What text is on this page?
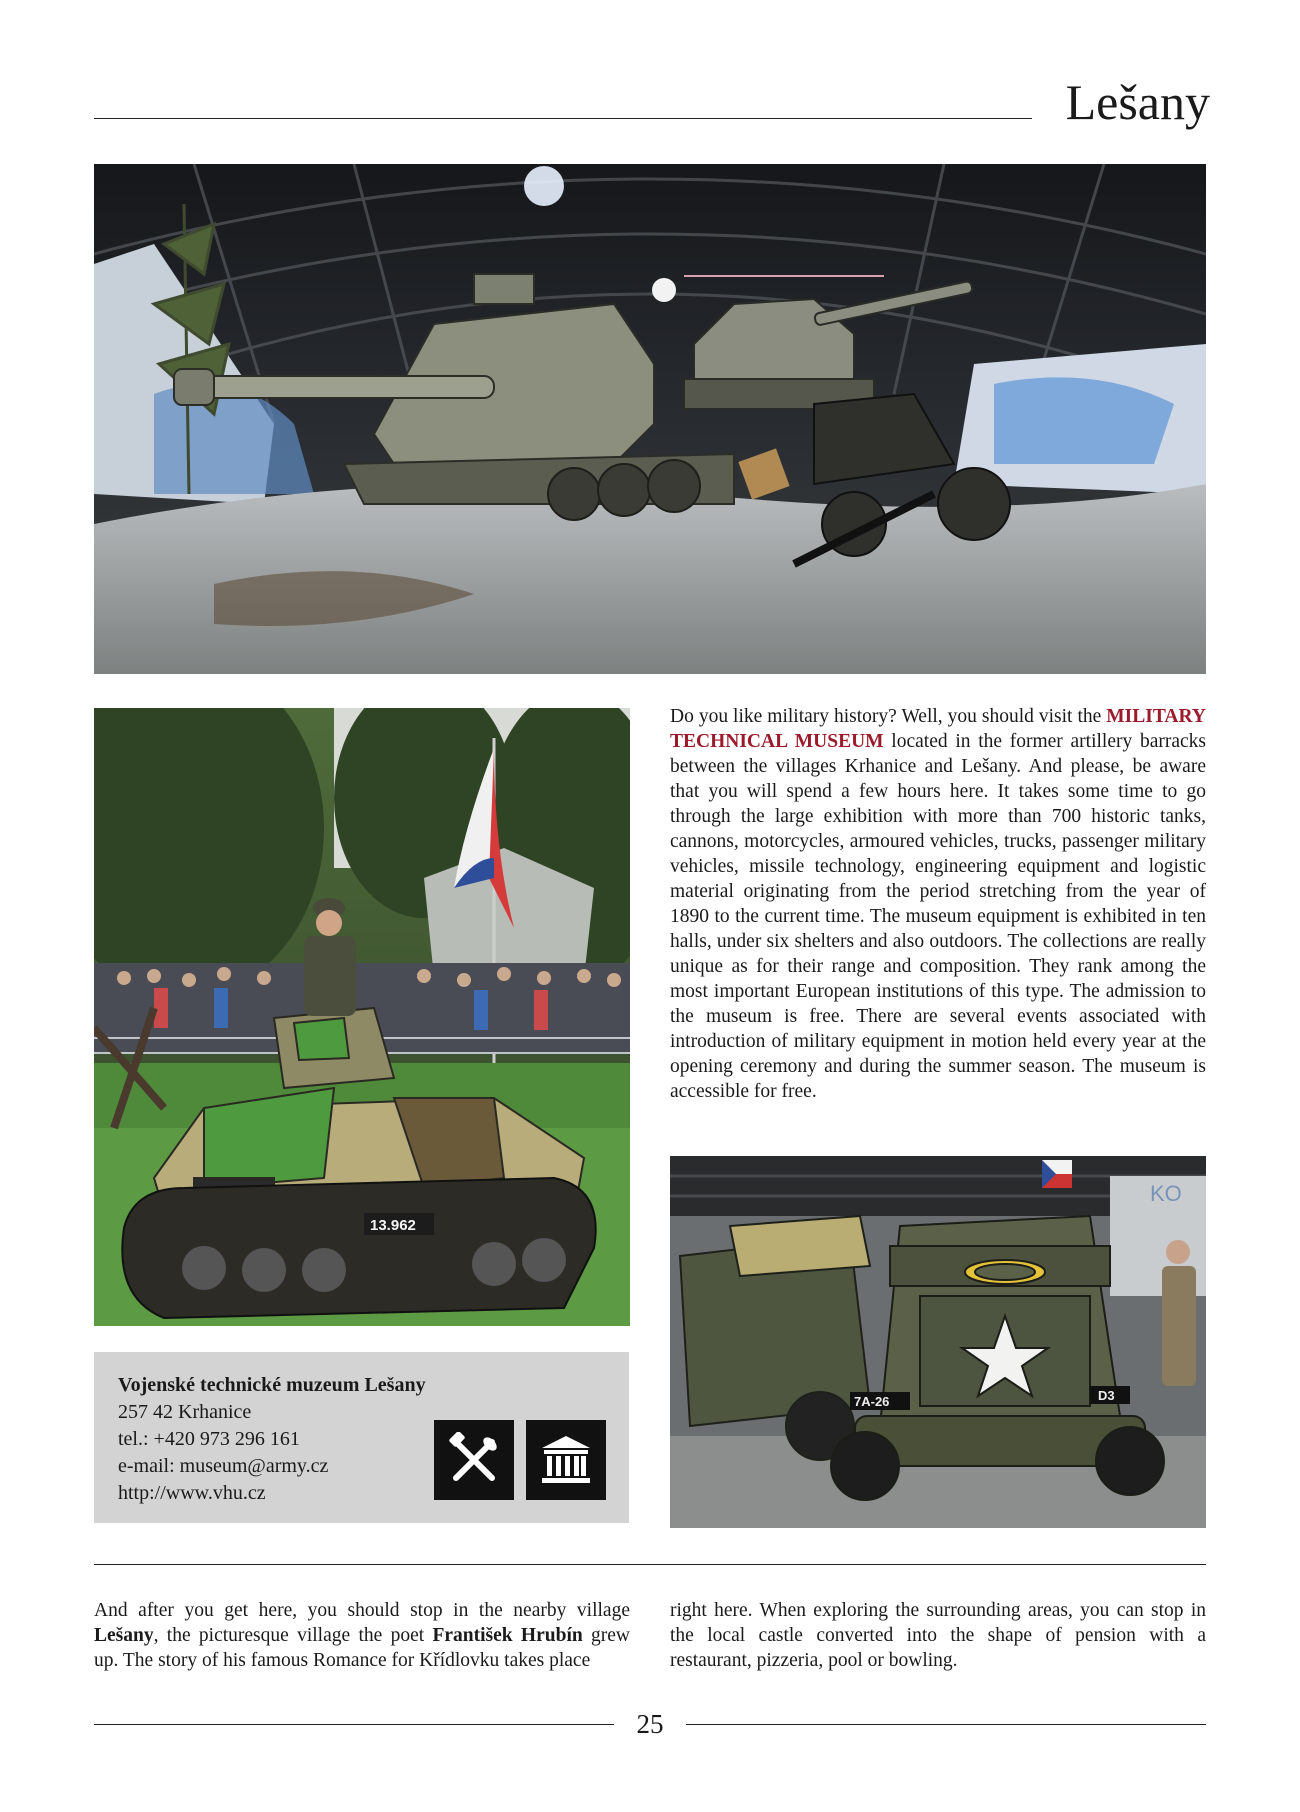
Lešany
13.962

Do you like military history? Well, you should visit the MILITARY TECHNICAL MUSEUM located in the former artillery barracks between the villages Krhanice and Lešany. And please, be aware that you will spend a few hours here. It takes some time to go through the large exhibition with more than 700 historic tanks, cannons, motorcycles, armoured vehicles, trucks, passenger military vehicles, missile technology, engineering equipment and logistic material originating from the period stretching from the year of 1890 to the current time. The museum equipment is exhibited in ten halls, under six shelters and also outdoors. The collections are really unique as for their range and composition. They rank among the most important European institutions of this type. The admission to the museum is free. There are several events associated with introduction of military equipment in motion held every year at the opening ceremony and during the summer season. The museum is accessible for free.

KO
7A-26	D3
Vojenské technické muzeum Lešany
257 42 Krhanice
tel.: +420 973 296 161
e-mail: museum@army.cz
http://www.vhu.cz

And after you get here, you should stop in the nearby village Lešany, the picturesque village the poet František Hrubín grew up. The story of his famous Romance for Křídlovku takes place

right here. When exploring the surrounding areas, you can stop in the local castle converted into the shape of pension with a restaurant, pizzeria, pool or bowling.

25
